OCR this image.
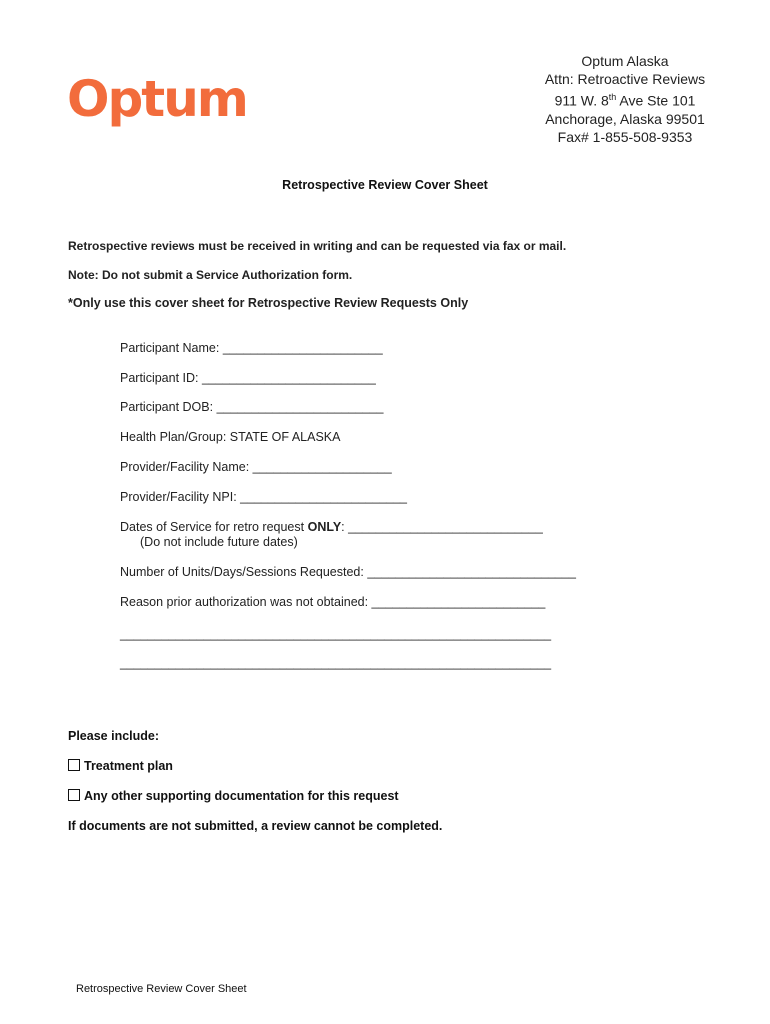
Optum
Optum Alaska
Attn: Retroactive Reviews
911 W. 8th Ave Ste 101
Anchorage, Alaska 99501
Fax# 1-855-508-9353
Retrospective Review Cover Sheet
Retrospective reviews must be received in writing and can be requested via fax or mail.
Note: Do not submit a Service Authorization form.
*Only use this cover sheet for Retrospective Review Requests Only
Participant Name: _______________________
Participant ID: _________________________
Participant DOB: ________________________
Health Plan/Group: STATE OF ALASKA
Provider/Facility Name: ____________________
Provider/Facility NPI: ________________________
Dates of Service for retro request ONLY: ____________________________
(Do not include future dates)
Number of Units/Days/Sessions Requested: ______________________________
Reason prior authorization was not obtained: _________________________
______________________________________________________________
______________________________________________________________
Please include:
Treatment plan
Any other supporting documentation for this request
If documents are not submitted, a review cannot be completed.
Retrospective Review Cover Sheet
